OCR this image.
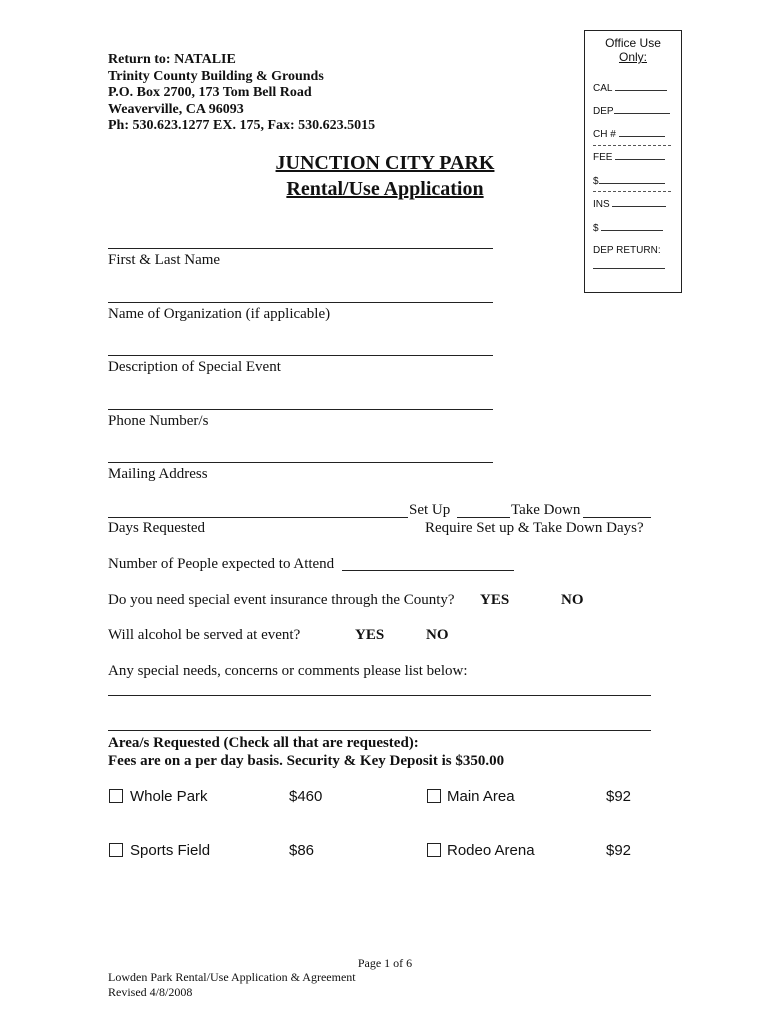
Return to: NATALIE
Trinity County Building & Grounds
P.O. Box 2700, 173 Tom Bell Road
Weaverville, CA 96093
Ph: 530.623.1277 EX. 175, Fax: 530.623.5015
JUNCTION CITY PARK
Rental/Use Application
Office Use
Only:
CAL
DEP
CH #
FEE
$
INS
$
DEP RETURN:
First & Last Name
Name of Organization (if applicable)
Description of Special Event
Phone Number/s
Mailing Address
Set Up	Take Down
Days Requested	Require Set up & Take Down Days?
Number of People expected to Attend
Do you need special event insurance through the County? YES	NO
Will alcohol be served at event?	YES	NO
Any special needs, concerns or comments please list below:
Area/s Requested (Check all that are requested):
Fees are on a per day basis. Security & Key Deposit is $350.00
Whole Park	$460	Main Area	$92
Sports Field	$86	Rodeo Arena	$92
Page 1 of 6
Lowden Park Rental/Use Application & Agreement
Revised 4/8/2008
